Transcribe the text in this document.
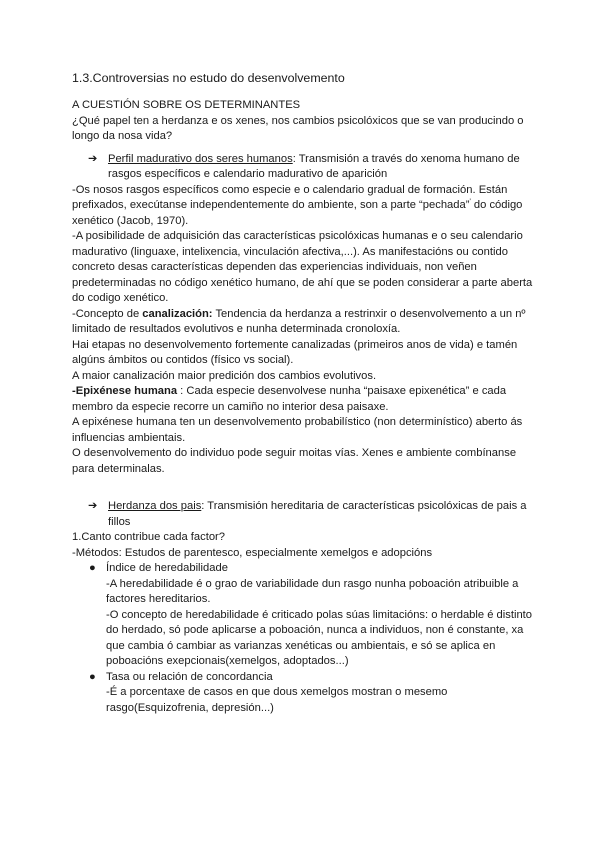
1.3.Controversias no estudo do desenvolvemento

A CUESTIÓN SOBRE OS DETERMINANTES

¿Qué papel ten a herdanza e os xenes, nos cambios psicolóxicos que se van producindo o longo da nosa vida?

➔ Perfil madurativo dos seres humanos: Transmisión a través do xenoma humano de rasgos específicos e calendario madurativo de aparición

-Os nosos rasgos específicos como especie e o calendario gradual de formación. Están prefixados, execútanse independentemente do ambiente, son a parte “pechada”' do código xenético (Jacob, 1970).

-A posibilidade de adquisición das características psicolóxicas humanas e o seu calendario madurativo (linguaxe, intelixencia, vinculación afectiva,...). As manifestacións ou contido concreto desas características dependen das experiencias individuais, non veñen predeterminadas no código xenético humano, de ahí que se poden considerar a parte aberta do codigo xenético.

-Concepto de canalización: Tendencia da herdanza a restrinxir o desenvolvemento a un nº limitado de resultados evolutivos e nunha determinada cronoloxía.

Hai etapas no desenvolvemento fortemente canalizadas (primeiros anos de vida) e tamén algúns ámbitos ou contidos (físico vs social).

A maior canalización maior predición dos cambios evolutivos.

-Epixénese humana : Cada especie desenvolvese nunha “paisaxe epixenética” e cada membro da especie recorre un camiño no interior desa paisaxe.

A epixénese humana ten un desenvolvemento probabilístico (non determinístico) aberto ás influencias ambientais.

O desenvolvemento do individuo pode seguir moitas vías. Xenes e ambiente combínanse para determinalas.

➔ Herdanza dos pais: Transmisión hereditaria de características psicolóxicas de pais a fillos

1.Canto contribue cada factor?

-Métodos: Estudos de parentesco, especialmente xemelgos e adopcións

● Índice de heredabilidade

-A heredabilidade é o grao de variabilidade dun rasgo nunha poboación atribuible a factores hereditarios.

-O concepto de heredabilidade é criticado polas súas limitacións: o herdable é distinto do herdado, só pode aplicarse a poboación, nunca a individuos, non é constante, xa que cambia ó cambiar as varianzas xenéticas ou ambientais, e só se aplica en poboacións exepcionais(xemelgos, adoptados...)

● Tasa ou relación de concordancia

-É a porcentaxe de casos en que dous xemelgos mostran o mesemo rasgo(Esquizofrenia, depresión...)
